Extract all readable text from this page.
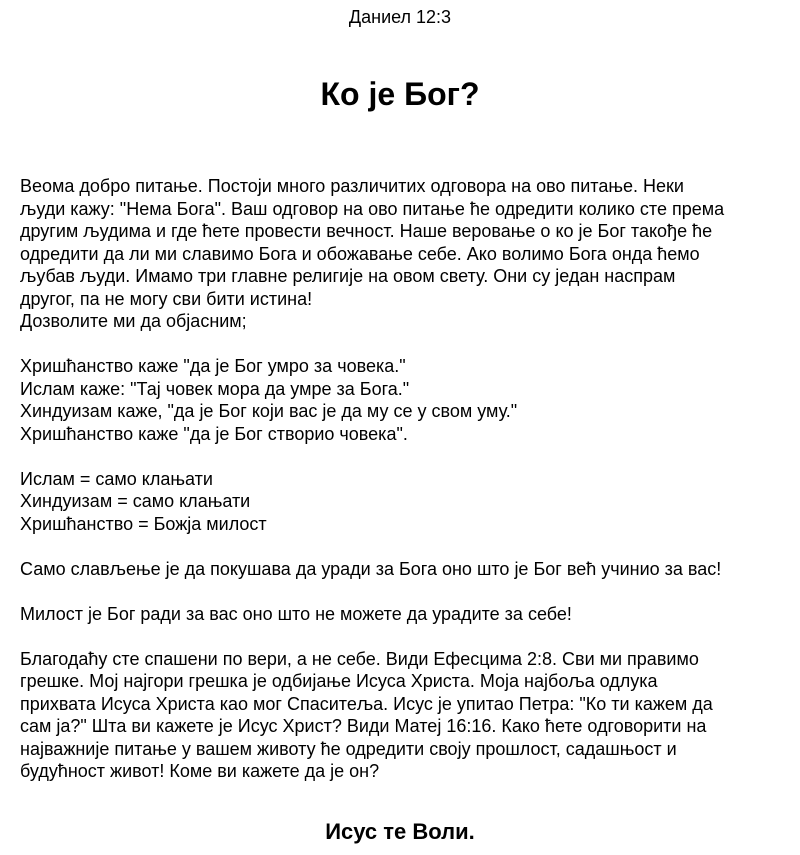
Даниел 12:3
Ко је Бог?
Веома добро питање. Постоји много различитих одговора на ово питање. Неки
људи кажу: "Нема Бога". Ваш одговор на ово питање ће одредити колико сте према
другим људима и где ћете провести вечност. Наше веровање о ко је Бог такође ће
одредити да ли ми славимо Бога и обожавање себе. Ако волимо Бога онда ћемо
љубав људи. Имамо три главне религије на овом свету. Они су један наспрам
другог, па не могу сви бити истина!
Дозволите ми да објасним;
Хришћанство каже "да је Бог умро за човека."
Ислам каже: "Тај човек мора да умре за Бога."
Хиндуизам каже, "да је Бог који вас је да му се у свом уму."
Хришћанство каже "да је Бог створио човека".
Ислам = само клањати
Хиндуизам = само клањати
Хришћанство = Божја милост
Само слављење је да покушава да уради за Бога оно што је Бог већ учинио за вас!
Милост је Бог ради за вас оно што не можете да урадите за себе!
Благодаћу сте спашени по вери, а не себе. Види Ефесцима 2:8. Сви ми правимо
грешке. Мој најгори грешка је одбијање Исуса Христа. Моја најбоља одлука
прихвата Исуса Христа као мог Спаситеља. Исус је упитао Петра: "Ко ти кажем да
сам ја?" Шта ви кажете је Исус Христ? Види Матеј 16:16. Како ћете одговорити на
најважније питање у вашем животу ће одредити своју прошлост, садашњост и
будућност живот! Коме ви кажете да је он?
Исус те Воли.
